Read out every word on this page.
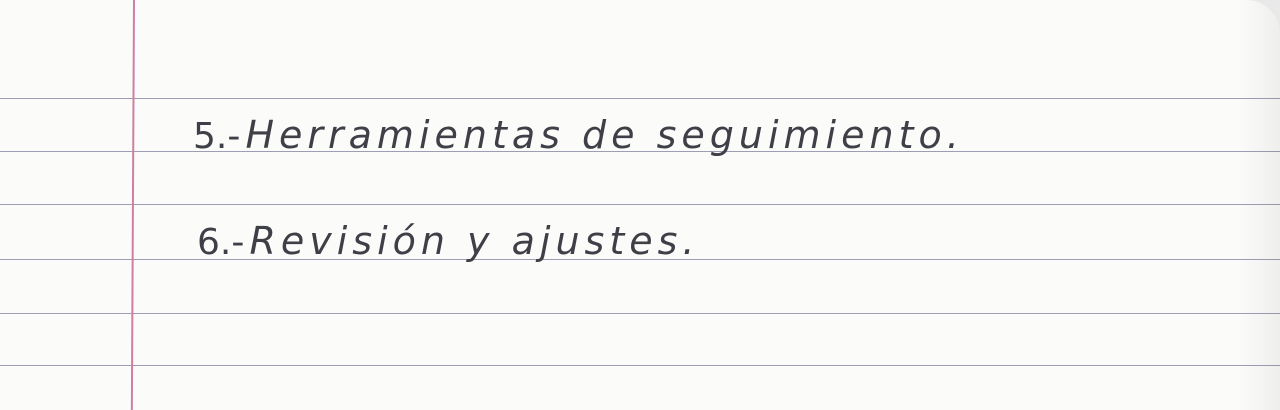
5.- Herramientas de seguimiento.
6.- Revisión y ajustes.
